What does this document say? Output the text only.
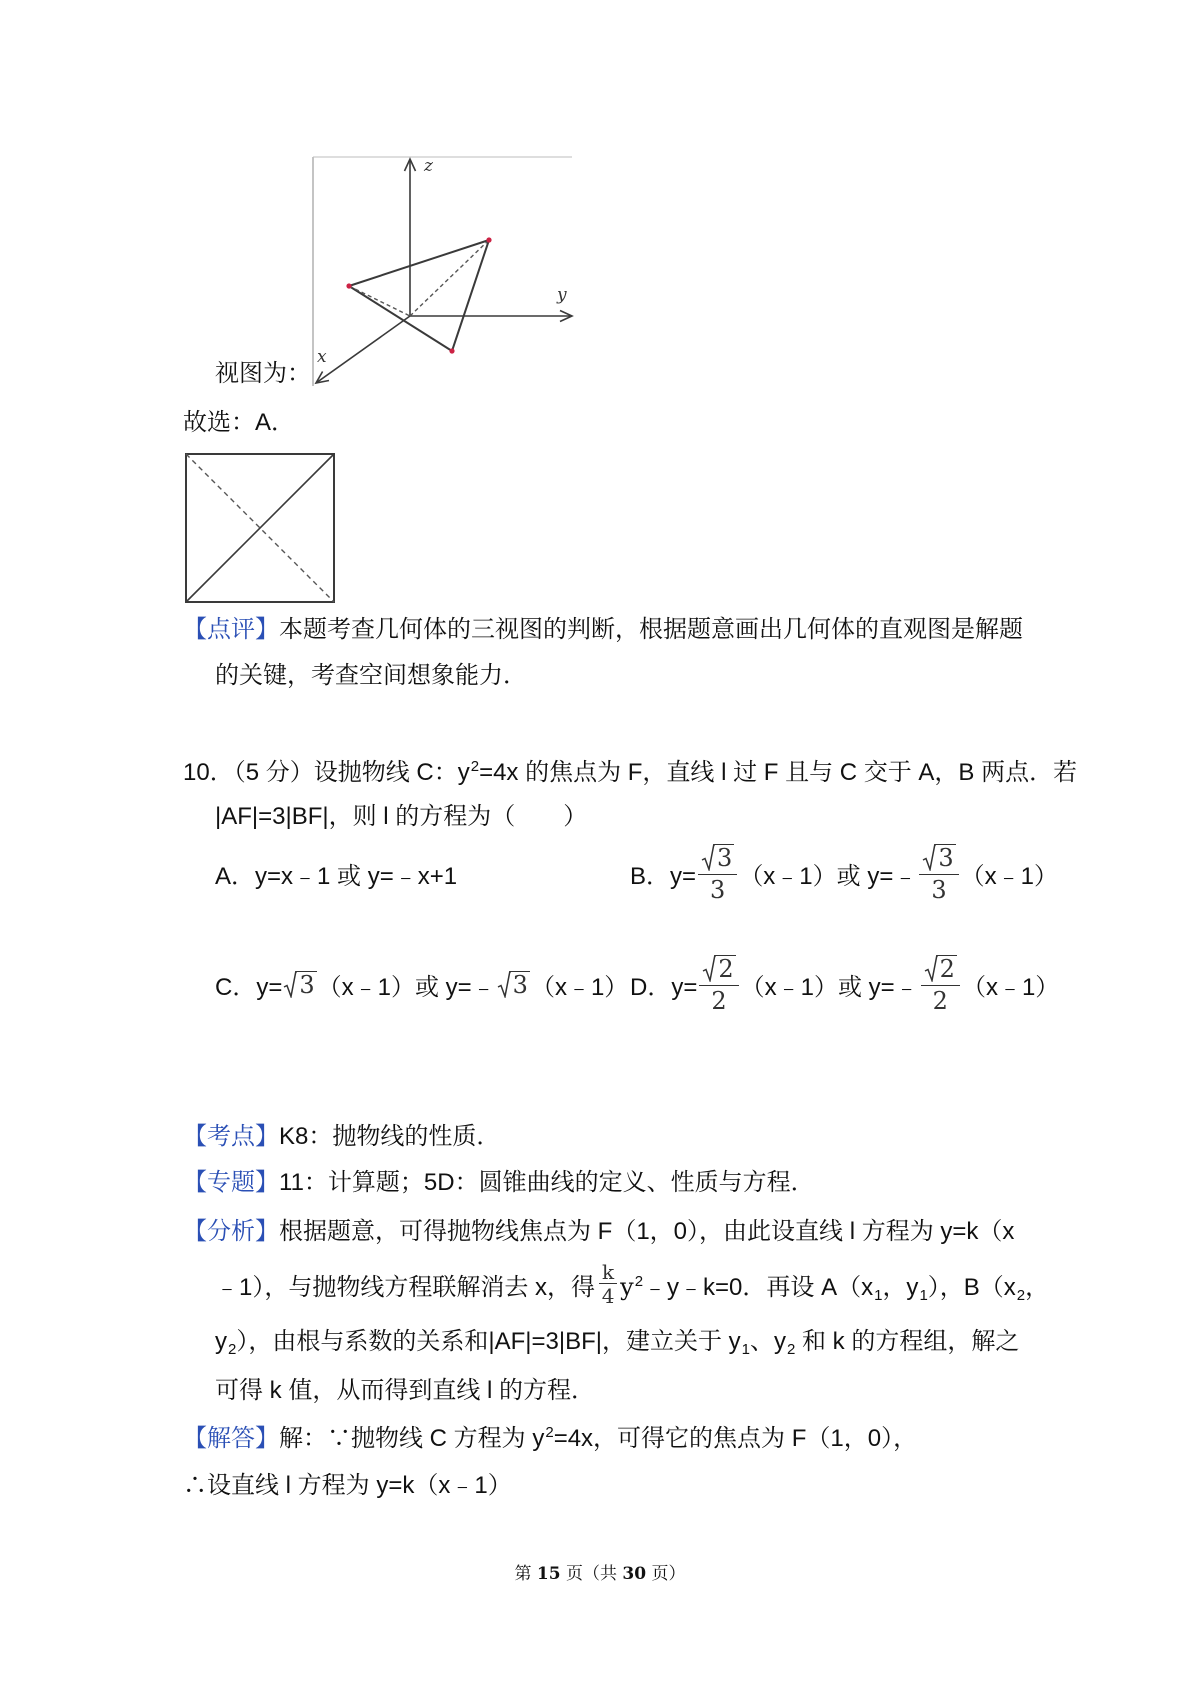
z
y
x
视图为：
故选：A．
【点评】本题考查几何体的三视图的判断，根据题意画出几何体的直观图是解题
的关键，考查空间想象能力．
10．（5 分）设抛物线 C：$y^2=4x$ 的焦点为 F，直线 l 过 F 且与 C 交于 A，B 两点．若
|AF|=3|BF|，则 l 的方程为（　　）
A．y=x﹣1 或 y=﹣x+1	B．$y= \frac{3}{3}$ （x﹣1）或 y=﹣ $\frac{3}{3}$ （x﹣1）
C．y= 3 （x﹣1）或 y=﹣ 3 （x﹣1） D．$y= \frac{2}{2}$ （x﹣1）或 y=﹣ $\frac{2}{2}$ （x﹣1）
【考点】K8：抛物线的性质．
【专题】11：计算题；5D：圆锥曲线的定义、性质与方程．
【分析】根据题意，可得抛物线焦点为 F（1，0），由此设直线 l 方程为 y=k（x
﹣1），与抛物线方程联解消去 x，得 $\frac{k}{4}$ $y^2﹣y﹣k=0$．再设 $A(x_1$，$y_1$），$B(x_2$，
$y_2$），由根与系数的关系和|AF|=3|BF|，建立关于 $y_1$、$y_2$ 和 k 的方程组，解之
可得 k 值，从而得到直线 l 的方程．
【解答】解：∵抛物线 C 方程为 $y^2=4x$，可得它的焦点为 F（1，0），
∴设直线 l 方程为 y=k（x﹣1）
第 15 页（共 30 页）
